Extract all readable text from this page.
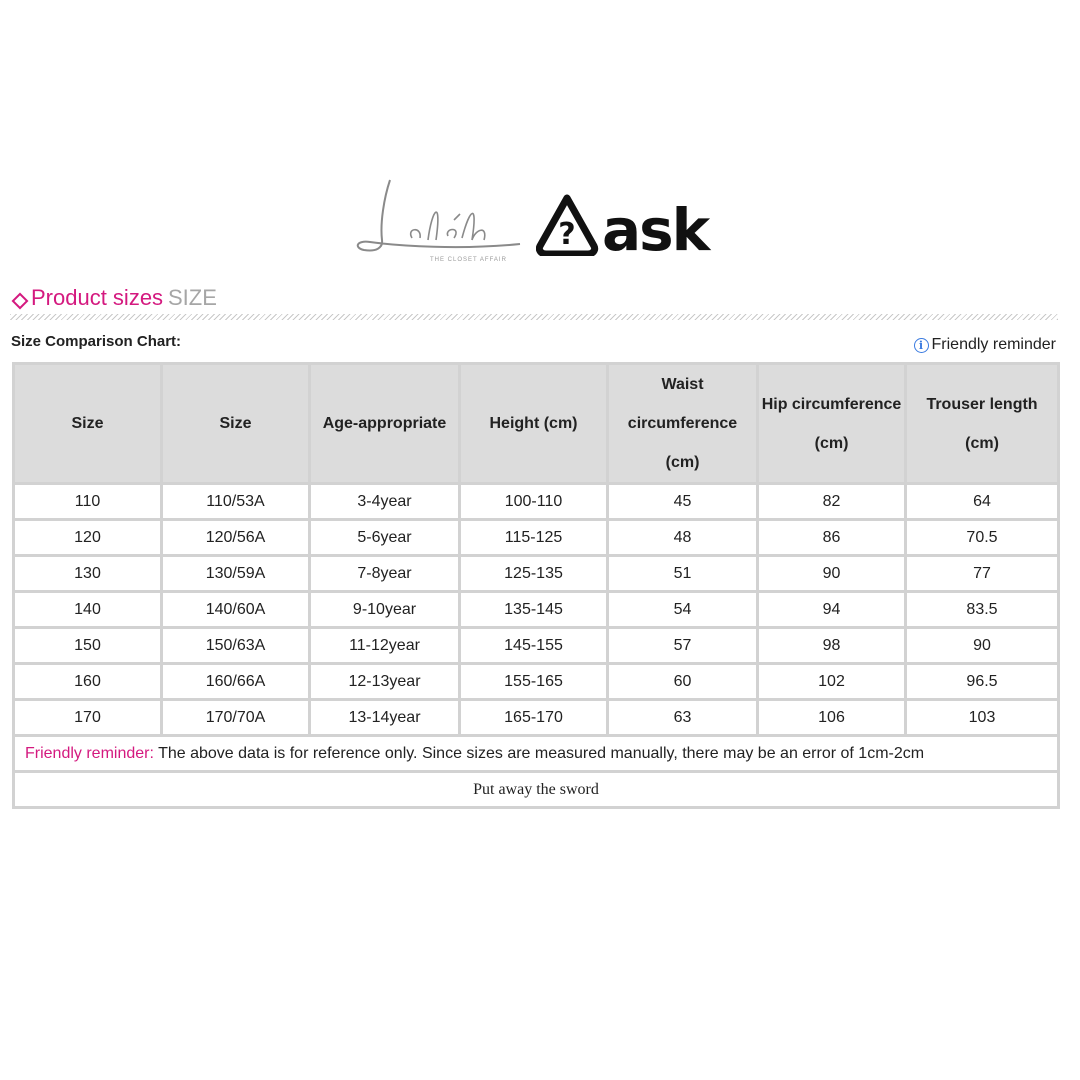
THE CLOSET AFFAIR
? ask
Product sizes SIZE
Size Comparison Chart:	i Friendly reminder
Size	Size	Age-appropriate	Height (cm)	Waist circumference (cm)	Hip circumference (cm)	Trouser length (cm)
110	110/53A	3-4year	100-110	45	82	64
120	120/56A	5-6year	115-125	48	86	70.5
130	130/59A	7-8year	125-135	51	90	77
140	140/60A	9-10year	135-145	54	94	83.5
150	150/63A	11-12year	145-155	57	98	90
160	160/66A	12-13year	155-165	60	102	96.5
170	170/70A	13-14year	165-170	63	106	103
Friendly reminder: The above data is for reference only. Since sizes are measured manually, there may be an error of 1cm-2cm						
Put away the sword						
